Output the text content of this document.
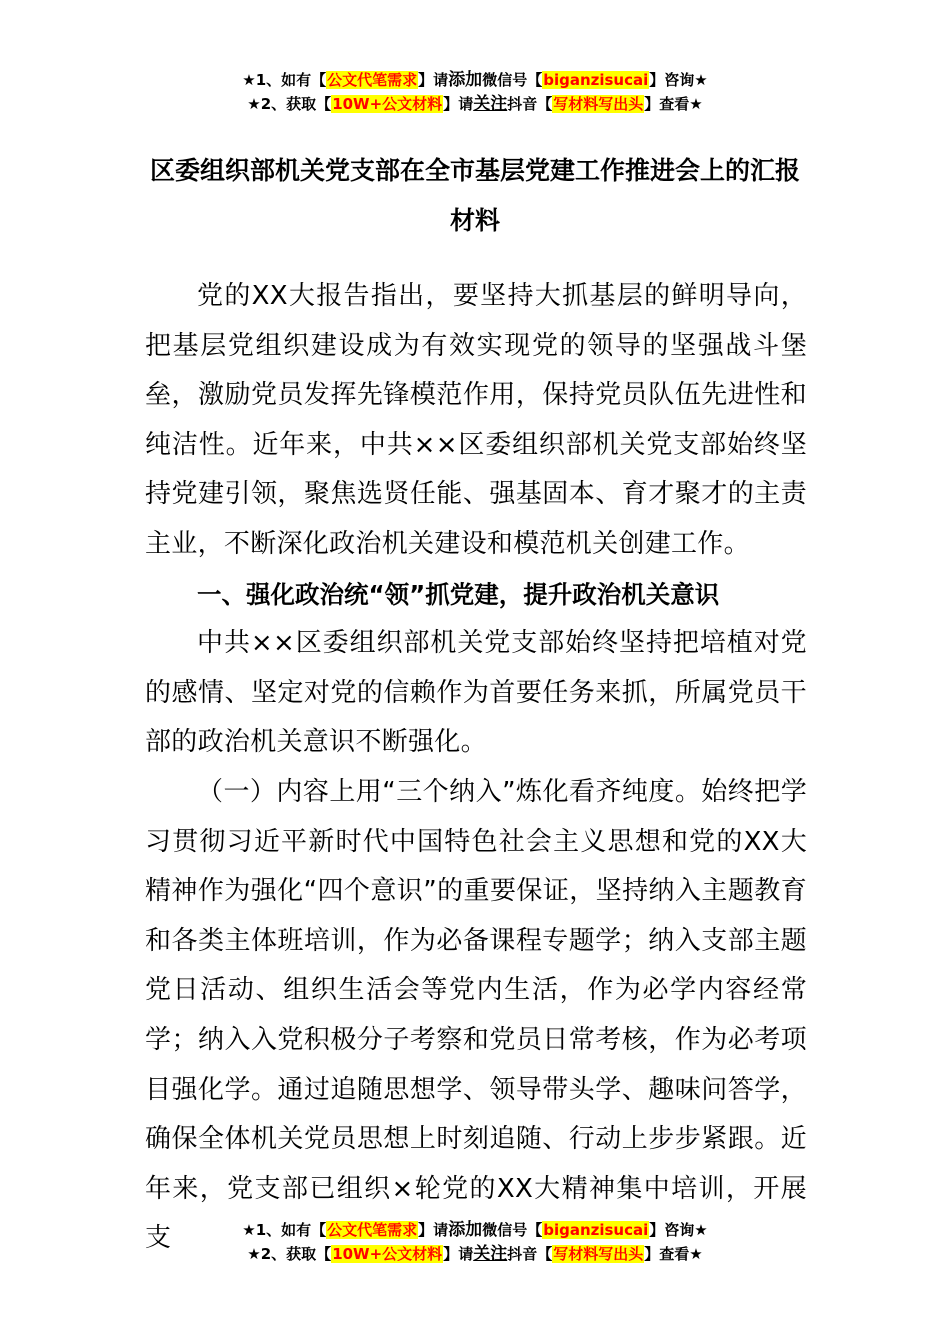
★1、如有【公文代笔需求】请添加微信号【biganzisucai】咨询★
★2、获取【10W+公文材料】请关注抖音【写材料写出头】查看★
区委组织部机关党支部在全市基层党建工作推进会上的汇报材料

党的XX大报告指出，要坚持大抓基层的鲜明导向，把基层党组织建设成为有效实现党的领导的坚强战斗堡垒，激励党员发挥先锋模范作用，保持党员队伍先进性和纯洁性。近年来，中共××区委组织部机关党支部始终坚持党建引领，聚焦选贤任能、强基固本、育才聚才的主责主业，不断深化政治机关建设和模范机关创建工作。

一、强化政治统“领”抓党建，提升政治机关意识

中共××区委组织部机关党支部始终坚持把培植对党的感情、坚定对党的信赖作为首要任务来抓，所属党员干部的政治机关意识不断强化。

（一）内容上用“三个纳入”炼化看齐纯度。始终把学习贯彻习近平新时代中国特色社会主义思想和党的XX大精神作为强化“四个意识”的重要保证，坚持纳入主题教育和各类主体班培训，作为必备课程专题学；纳入支部主题党日活动、组织生活会等党内生活，作为必学内容经常学；纳入入党积极分子考察和党员日常考核，作为必考项目强化学。通过追随思想学、领导带头学、趣味问答学，确保全体机关党员思想上时刻追随、行动上步步紧跟。近年来，党支部已组织×轮党的XX大精神集中培训，开展支	★1、如有【公文代笔需求】请添加微信号【biganzisucai】咨询★
★2、获取【10W+公文材料】请关注抖音【写材料写出头】查看★
